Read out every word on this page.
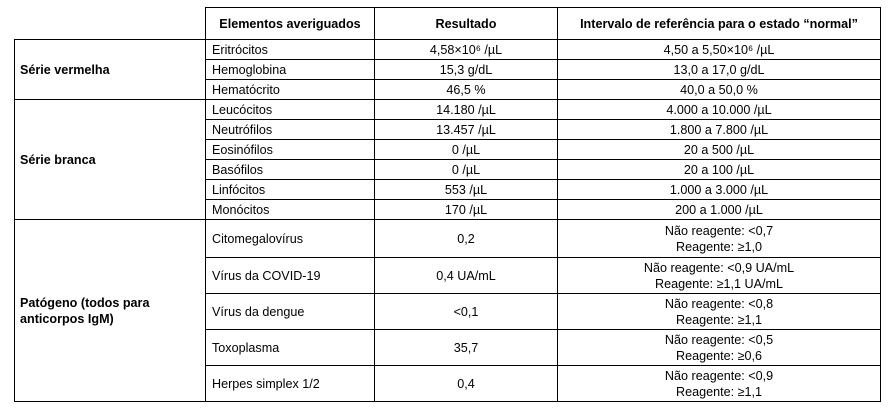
	Elementos averiguados	Resultado	Intervalo de referência para o estado “normal”
Série vermelha	Eritrócitos	4,58×10⁶ /µL	4,50 a 5,50×10⁶ /µL
	Hemoglobina	15,3 g/dL	13,0 a 17,0 g/dL
	Hematócrito	46,5 %	40,0 a 50,0 %
Série branca	Leucócitos	14.180 /µL	4.000 a 10.000 /µL
	Neutrófilos	13.457 /µL	1.800 a 7.800 /µL
	Eosinófilos	0 /µL	20 a 500 /µL
	Basófilos	0 /µL	20 a 100 /µL
	Linfócitos	553 /µL	1.000 a 3.000 /µL
	Monócitos	170 /µL	200 a 1.000 /µL
Patógeno (todos para anticorpos IgM)	Citomegalovírus	0,2	Não reagente: <0,7
Reagente: ≥1,0

	Vírus da COVID-19	0,4 UA/mL	Não reagente: <0,9 UA/mL
Reagente: ≥1,1 UA/mL

	Vírus da dengue	<0,1	Não reagente: <0,8
Reagente: ≥1,1

	Toxoplasma	35,7	Não reagente: <0,5
Reagente: ≥0,6

	Herpes simplex 1/2	0,4	Não reagente: <0,9
Reagente: ≥1,1
